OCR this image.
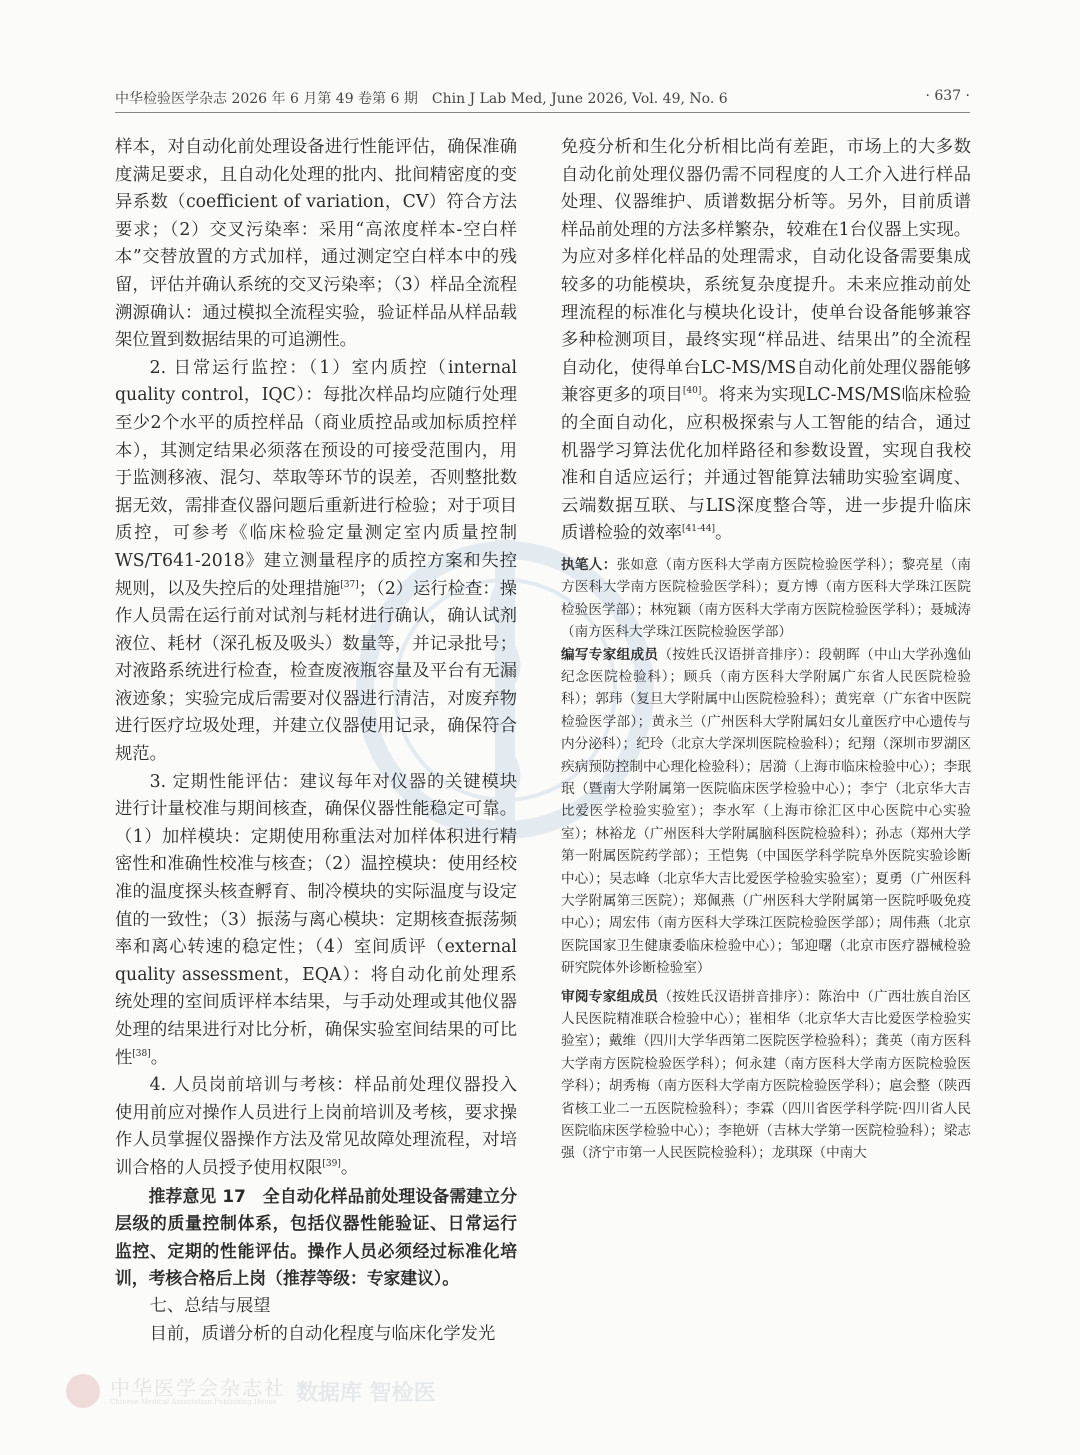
中华检验医学杂志 2026 年 6 月第 49 卷第 6 期　Chin J Lab Med, June 2026, Vol. 49, No. 6	· 637 ·

样本，对自动化前处理设备进行性能评估，确保准确度满足要求，且自动化处理的批内、批间精密度的变异系数（coefficient of variation，CV）符合方法要求；（2）交叉污染率：采用“高浓度样本-空白样本”交替放置的方式加样，通过测定空白样本中的残留，评估并确认系统的交叉污染率；（3）样品全流程溯源确认：通过模拟全流程实验，验证样品从样品载架位置到数据结果的可追溯性。

2. 日常运行监控：（1）室内质控（internal quality control，IQC）：每批次样品均应随行处理至少2个水平的质控样品（商业质控品或加标质控样本），其测定结果必须落在预设的可接受范围内，用于监测移液、混匀、萃取等环节的误差，否则整批数据无效，需排查仪器问题后重新进行检验；对于项目质控，可参考《临床检验定量测定室内质量控制WS/T641-2018》建立测量程序的质控方案和失控规则，以及失控后的处理措施[37]；（2）运行检查：操作人员需在运行前对试剂与耗材进行确认，确认试剂液位、耗材（深孔板及吸头）数量等，并记录批号；对液路系统进行检查，检查废液瓶容量及平台有无漏液迹象；实验完成后需要对仪器进行清洁，对废弃物进行医疗垃圾处理，并建立仪器使用记录，确保符合规范。

3. 定期性能评估：建议每年对仪器的关键模块进行计量校准与期间核查，确保仪器性能稳定可靠。（1）加样模块：定期使用称重法对加样体积进行精密性和准确性校准与核查；（2）温控模块：使用经校准的温度探头核查孵育、制冷模块的实际温度与设定值的一致性；（3）振荡与离心模块：定期核查振荡频率和离心转速的稳定性；（4）室间质评（external quality assessment，EQA）：将自动化前处理系统处理的室间质评样本结果，与手动处理或其他仪器处理的结果进行对比分析，确保实验室间结果的可比性[38]。

4. 人员岗前培训与考核：样品前处理仪器投入使用前应对操作人员进行上岗前培训及考核，要求操作人员掌握仪器操作方法及常见故障处理流程，对培训合格的人员授予使用权限[39]。

推荐意见 17　全自动化样品前处理设备需建立分层级的质量控制体系，包括仪器性能验证、日常运行监控、定期的性能评估。操作人员必须经过标准化培训，考核合格后上岗（推荐等级：专家建议）。

七、总结与展望

目前，质谱分析的自动化程度与临床化学发光

免疫分析和生化分析相比尚有差距，市场上的大多数自动化前处理仪器仍需不同程度的人工介入进行样品处理、仪器维护、质谱数据分析等。另外，目前质谱样品前处理的方法多样繁杂，较难在1台仪器上实现。为应对多样化样品的处理需求，自动化设备需要集成较多的功能模块，系统复杂度提升。未来应推动前处理流程的标准化与模块化设计，使单台设备能够兼容多种检测项目，最终实现“样品进、结果出”的全流程自动化，使得单台LC-MS/MS自动化前处理仪器能够兼容更多的项目[40]。将来为实现LC-MS/MS临床检验的全面自动化，应积极探索与人工智能的结合，通过机器学习算法优化加样路径和参数设置，实现自我校准和自适应运行；并通过智能算法辅助实验室调度、云端数据互联、与LIS深度整合等，进一步提升临床质谱检验的效率[41-44]。

执笔人：张如意（南方医科大学南方医院检验医学科）；黎亮星（南方医科大学南方医院检验医学科）；夏方博（南方医科大学珠江医院检验医学部）；林宛颖（南方医科大学南方医院检验医学科）；聂城涛（南方医科大学珠江医院检验医学部）

编写专家组成员（按姓氏汉语拼音排序）：段朝晖（中山大学孙逸仙纪念医院检验科）；顾兵（南方医科大学附属广东省人民医院检验科）；郭玮（复旦大学附属中山医院检验科）；黄宪章（广东省中医院检验医学部）；黄永兰（广州医科大学附属妇女儿童医疗中心遗传与内分泌科）；纪玲（北京大学深圳医院检验科）；纪翔（深圳市罗湖区疾病预防控制中心理化检验科）；居漪（上海市临床检验中心）；李珉珉（暨南大学附属第一医院临床医学检验中心）；李宁（北京华大吉比爱医学检验实验室）；李水军（上海市徐汇区中心医院中心实验室）；林裕龙（广州医科大学附属脑科医院检验科）；孙志（郑州大学第一附属医院药学部）；王恺隽（中国医学科学院阜外医院实验诊断中心）；吴志峰（北京华大吉比爱医学检验实验室）；夏勇（广州医科大学附属第三医院）；郑佩燕（广州医科大学附属第一医院呼吸免疫中心）；周宏伟（南方医科大学珠江医院检验医学部）；周伟燕（北京医院国家卫生健康委临床检验中心）；邹迎曙（北京市医疗器械检验研究院体外诊断检验室）

审阅专家组成员（按姓氏汉语拼音排序）：陈治中（广西壮族自治区人民医院精准联合检验中心）；崔相华（北京华大吉比爱医学检验实验室）；戴维（四川大学华西第二医院医学检验科）；龚英（南方医科大学南方医院检验医学科）；何永建（南方医科大学南方医院检验医学科）；胡秀梅（南方医科大学南方医院检验医学科）；扈会整（陕西省核工业二一五医院检验科）；李霖（四川省医学科学院·四川省人民医院临床医学检验中心）；李艳妍（吉林大学第一医院检验科）；梁志强（济宁市第一人民医院检验科）；龙琪琛（中南大

中华医学会杂志社
Chinese Medical Association Publishing House 数据库 智检医
